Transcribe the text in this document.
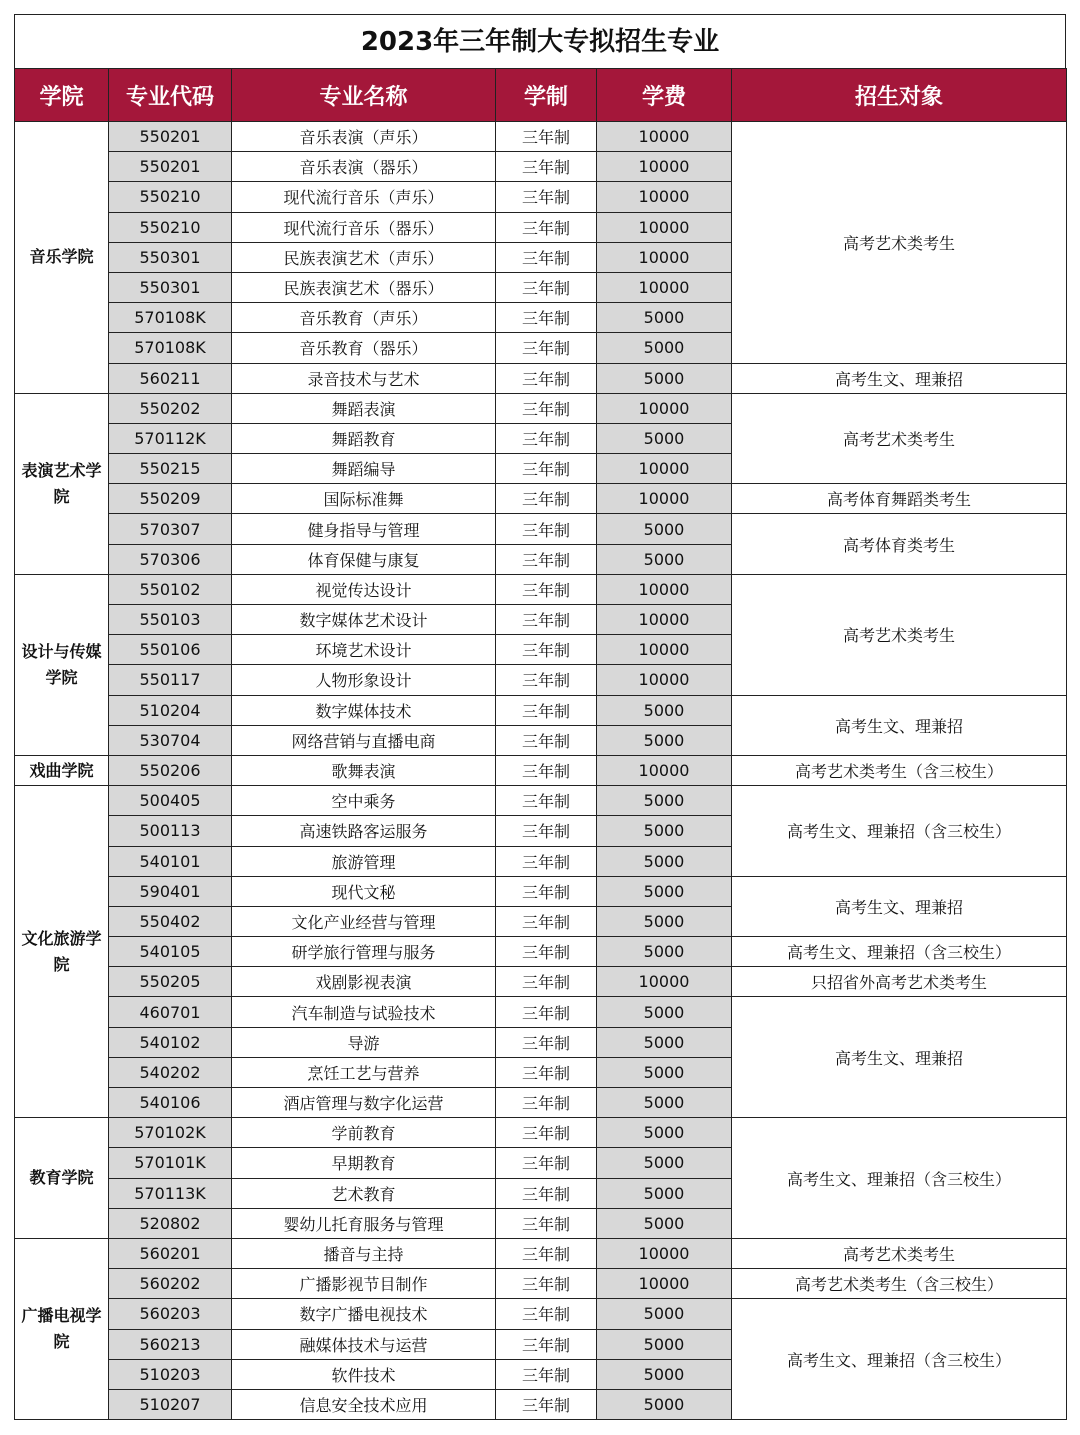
2023年三年制大专拟招生专业
学院	专业代码	专业名称	学制	学费	招生对象
音乐学院	550201	音乐表演（声乐）	三年制	10000	高考艺术类考生
	550201	音乐表演（器乐）	三年制	10000	
	550210	现代流行音乐（声乐）	三年制	10000	
	550210	现代流行音乐（器乐）	三年制	10000	
	550301	民族表演艺术（声乐）	三年制	10000	
	550301	民族表演艺术（器乐）	三年制	10000	
	570108K	音乐教育（声乐）	三年制	5000	
	570108K	音乐教育（器乐）	三年制	5000	
	560211	录音技术与艺术	三年制	5000	高考生文、理兼招
表演艺术学院	550202	舞蹈表演	三年制	10000	高考艺术类考生
	570112K	舞蹈教育	三年制	5000	
	550215	舞蹈编导	三年制	10000	
	550209	国际标准舞	三年制	10000	高考体育舞蹈类考生
	570307	健身指导与管理	三年制	5000	高考体育类考生
	570306	体育保健与康复	三年制	5000	
设计与传媒学院	550102	视觉传达设计	三年制	10000	高考艺术类考生
	550103	数字媒体艺术设计	三年制	10000	
	550106	环境艺术设计	三年制	10000	
	550117	人物形象设计	三年制	10000	
	510204	数字媒体技术	三年制	5000	高考生文、理兼招
	530704	网络营销与直播电商	三年制	5000	
戏曲学院	550206	歌舞表演	三年制	10000	高考艺术类考生（含三校生）
文化旅游学院	500405	空中乘务	三年制	5000	高考生文、理兼招（含三校生）
	500113	高速铁路客运服务	三年制	5000	
	540101	旅游管理	三年制	5000	
	590401	现代文秘	三年制	5000	高考生文、理兼招
	550402	文化产业经营与管理	三年制	5000	
	540105	研学旅行管理与服务	三年制	5000	高考生文、理兼招（含三校生）
	550205	戏剧影视表演	三年制	10000	只招省外高考艺术类考生
	460701	汽车制造与试验技术	三年制	5000	高考生文、理兼招
	540102	导游	三年制	5000	
	540202	烹饪工艺与营养	三年制	5000	
	540106	酒店管理与数字化运营	三年制	5000	
教育学院	570102K	学前教育	三年制	5000	高考生文、理兼招（含三校生）
	570101K	早期教育	三年制	5000	
	570113K	艺术教育	三年制	5000	
	520802	婴幼儿托育服务与管理	三年制	5000	
广播电视学院	560201	播音与主持	三年制	10000	高考艺术类考生
	560202	广播影视节目制作	三年制	10000	高考艺术类考生（含三校生）
	560203	数字广播电视技术	三年制	5000	高考生文、理兼招（含三校生）
	560213	融媒体技术与运营	三年制	5000	
	510203	软件技术	三年制	5000	
	510207	信息安全技术应用	三年制	5000	
